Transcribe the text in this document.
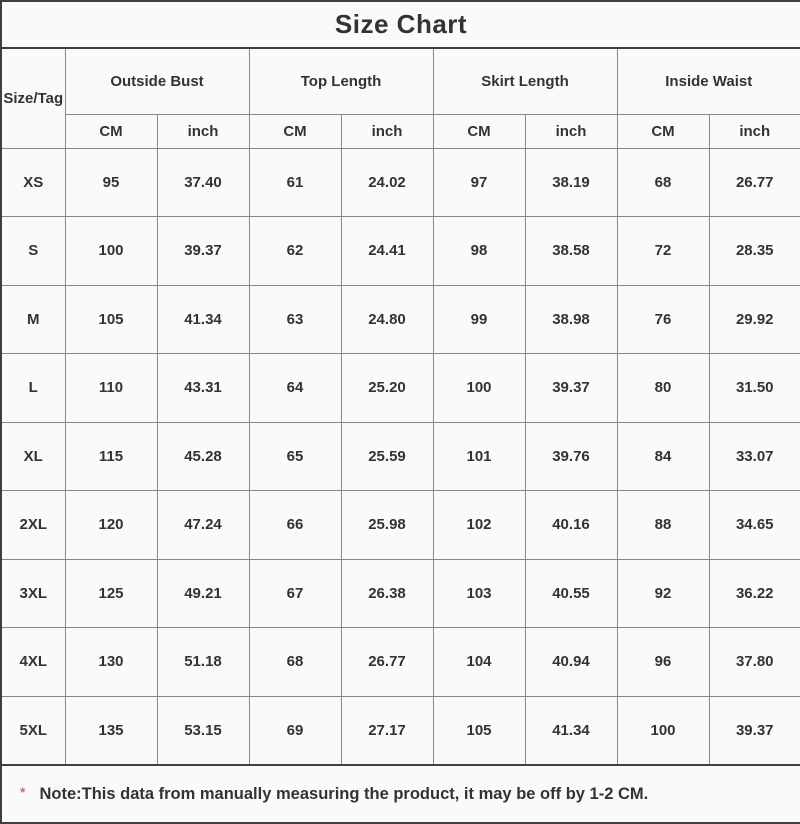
Size Chart								
Size/Tag	Outside Bust		Top Length		Skirt Length		Inside Waist	
	CM	inch	CM	inch	CM	inch	CM	inch
XS	95	37.40	61	24.02	97	38.19	68	26.77
S	100	39.37	62	24.41	98	38.58	72	28.35
M	105	41.34	63	24.80	99	38.98	76	29.92
L	110	43.31	64	25.20	100	39.37	80	31.50
XL	115	45.28	65	25.59	101	39.76	84	33.07
2XL	120	47.24	66	25.98	102	40.16	88	34.65
3XL	125	49.21	67	26.38	103	40.55	92	36.22
4XL	130	51.18	68	26.77	104	40.94	96	37.80
5XL	135	53.15	69	27.17	105	41.34	100	39.37
* Note:This data from manually measuring the product, it may be off by 1-2 CM.								
